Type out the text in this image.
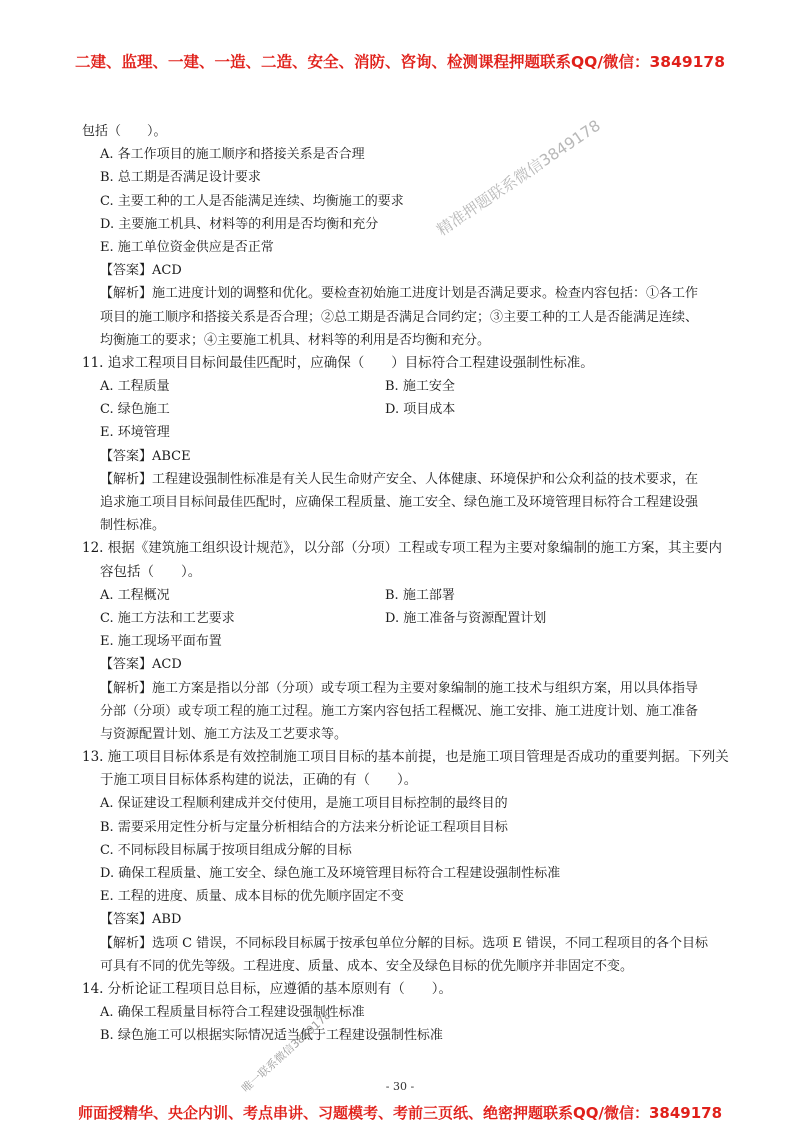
二建、监理、一建、一造、二造、安全、消防、咨询、检测课程押题联系QQ/微信：3849178
包括（　　）。
A. 各工作项目的施工顺序和搭接关系是否合理
B. 总工期是否满足设计要求
C. 主要工种的工人是否能满足连续、均衡施工的要求
D. 主要施工机具、材料等的利用是否均衡和充分
E. 施工单位资金供应是否正常
【答案】ACD
【解析】施工进度计划的调整和优化。要检查初始施工进度计划是否满足要求。检查内容包括：①各工作
项目的施工顺序和搭接关系是否合理；②总工期是否满足合同约定；③主要工种的工人是否能满足连续、
均衡施工的要求；④主要施工机具、材料等的利用是否均衡和充分。
11. 追求工程项目目标间最佳匹配时，应确保（　　）目标符合工程建设强制性标准。
A. 工程质量	B. 施工安全
C. 绿色施工	D. 项目成本
E. 环境管理
【答案】ABCE
【解析】工程建设强制性标准是有关人民生命财产安全、人体健康、环境保护和公众利益的技术要求，在
追求施工项目目标间最佳匹配时，应确保工程质量、施工安全、绿色施工及环境管理目标符合工程建设强
制性标准。
12. 根据《建筑施工组织设计规范》，以分部（分项）工程或专项工程为主要对象编制的施工方案，其主要内
容包括（　　）。
A. 工程概况	B. 施工部署
C. 施工方法和工艺要求	D. 施工准备与资源配置计划
E. 施工现场平面布置
【答案】ACD
【解析】施工方案是指以分部（分项）或专项工程为主要对象编制的施工技术与组织方案，用以具体指导
分部（分项）或专项工程的施工过程。施工方案内容包括工程概况、施工安排、施工进度计划、施工准备
与资源配置计划、施工方法及工艺要求等。
13. 施工项目目标体系是有效控制施工项目目标的基本前提，也是施工项目管理是否成功的重要判据。下列关
于施工项目目标体系构建的说法，正确的有（　　）。
A. 保证建设工程顺利建成并交付使用，是施工项目目标控制的最终目的
B. 需要采用定性分析与定量分析相结合的方法来分析论证工程项目目标
C. 不同标段目标属于按项目组成分解的目标
D. 确保工程质量、施工安全、绿色施工及环境管理目标符合工程建设强制性标准
E. 工程的进度、质量、成本目标的优先顺序固定不变
【答案】ABD
【解析】选项 C 错误，不同标段目标属于按承包单位分解的目标。选项 E 错误，不同工程项目的各个目标
可具有不同的优先等级。工程进度、质量、成本、安全及绿色目标的优先顺序并非固定不变。
14. 分析论证工程项目总目标，应遵循的基本原则有（　　）。
A. 确保工程质量目标符合工程建设强制性标准
B. 绿色施工可以根据实际情况适当低于工程建设强制性标准
精准押题联系微信3849178
唯一联系微信3849178	- 30 -
师面授精华、央企内训、考点串讲、习题模考、考前三页纸、绝密押题联系QQ/微信：3849178
